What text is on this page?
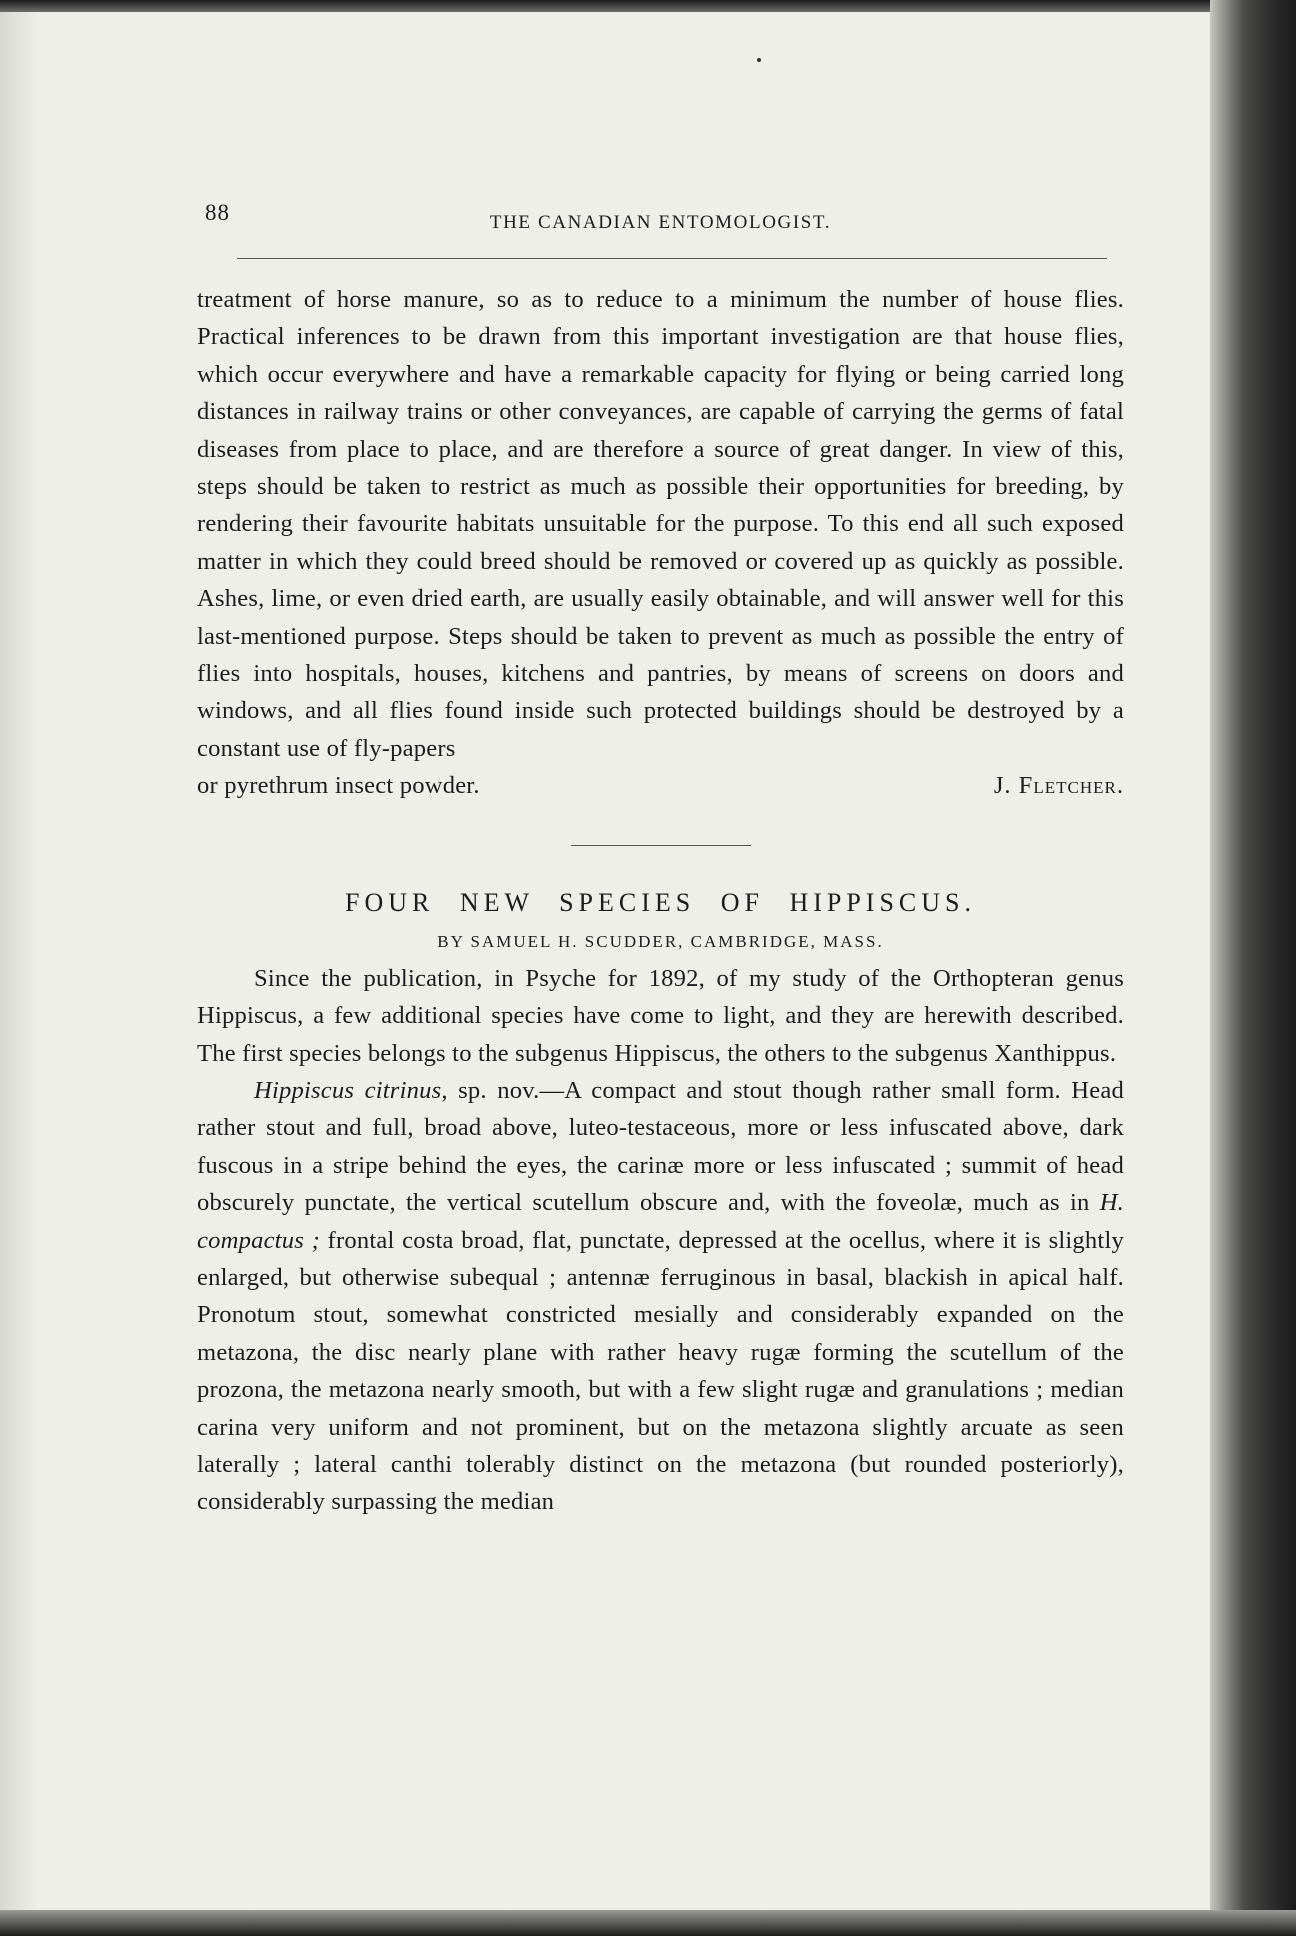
88	THE CANADIAN ENTOMOLOGIST.

treatment of horse manure, so as to reduce to a minimum the number of house flies. Practical inferences to be drawn from this important investigation are that house flies, which occur everywhere and have a remarkable capacity for flying or being carried long distances in railway trains or other conveyances, are capable of carrying the germs of fatal diseases from place to place, and are therefore a source of great danger. In view of this, steps should be taken to restrict as much as possible their opportunities for breeding, by rendering their favourite habitats unsuitable for the purpose. To this end all such exposed matter in which they could breed should be removed or covered up as quickly as possible. Ashes, lime, or even dried earth, are usually easily obtainable, and will answer well for this last-mentioned purpose. Steps should be taken to prevent as much as possible the entry of flies into hospitals, houses, kitchens and pantries, by means of screens on doors and windows, and all flies found inside such protected buildings should be destroyed by a constant use of fly-papers

or pyrethrum insect powder.	J. Fletcher.
FOUR NEW SPECIES OF HIPPISCUS.
BY SAMUEL H. SCUDDER, CAMBRIDGE, MASS.

Since the publication, in Psyche for 1892, of my study of the Orthopteran genus Hippiscus, a few additional species have come to light, and they are herewith described. The first species belongs to the subgenus Hippiscus, the others to the subgenus Xanthippus.

Hippiscus citrinus, sp. nov.—A compact and stout though rather small form. Head rather stout and full, broad above, luteo-testaceous, more or less infuscated above, dark fuscous in a stripe behind the eyes, the carinæ more or less infuscated ; summit of head obscurely punctate, the vertical scutellum obscure and, with the foveolæ, much as in H. compactus ; frontal costa broad, flat, punctate, depressed at the ocellus, where it is slightly enlarged, but otherwise subequal ; antennæ ferruginous in basal, blackish in apical half. Pronotum stout, somewhat constricted mesially and considerably expanded on the metazona, the disc nearly plane with rather heavy rugæ forming the scutellum of the prozona, the metazona nearly smooth, but with a few slight rugæ and granulations ; median carina very uniform and not prominent, but on the metazona slightly arcuate as seen laterally ; lateral canthi tolerably distinct on the metazona (but rounded posteriorly), considerably surpassing the median
